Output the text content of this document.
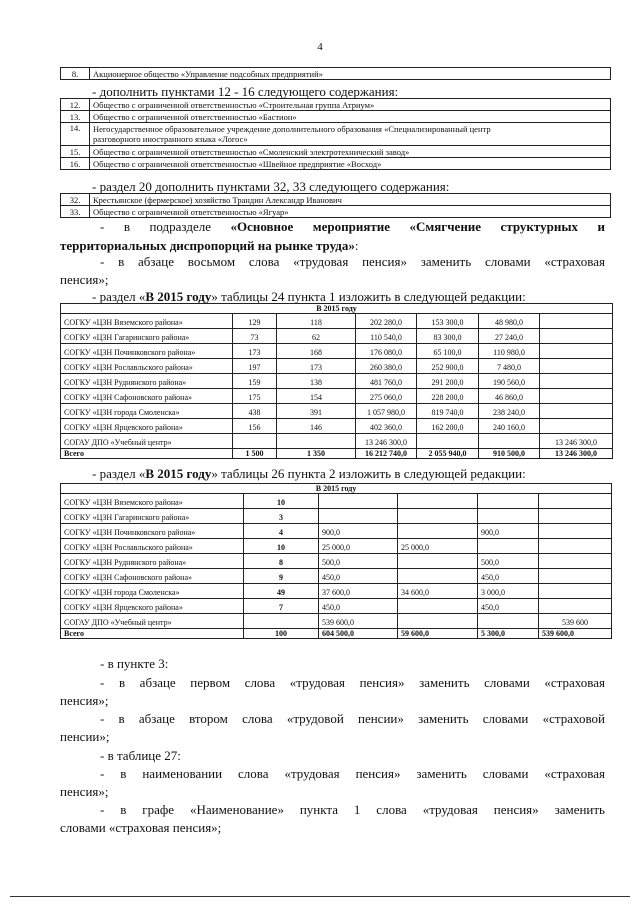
4
8.	Акционерное общество «Управление подсобных предприятий»
- дополнить пунктами 12 - 16 следующего содержания:
12.	Общество с ограниченной ответственностью «Строительная группа Атриум»
13.	Общество с ограниченной ответственностью «Бастион»
14.	Негосударственное образовательное учреждение дополнительного образования «Специализированный центр
разговорного иностранного языка «Логос»

15.	Общество с ограниченной ответственностью «Смоленский электротехнический завод»
16.	Общество с ограниченной ответственностью «Швейное предприятие «Восход»
- раздел 20 дополнить пунктами 32, 33 следующего содержания:
32.	Крестьянское (фермерское) хозяйство Трандин Александр Иванович
33.	Общество с ограниченной ответственностью «Ягуар»
- в подразделе «Основное мероприятие «Смягчение структурных и
территориальных диспропорций на рынке труда»:
- в абзаце восьмом слова «трудовая пенсия» заменить словами «страховая
пенсия»;
- раздел «В 2015 году» таблицы 24 пункта 1 изложить в следующей редакции:
В 2015 году						
СОГКУ «ЦЗН Вяземского района»	129	118	202 280,0	153 300,0	48 980,0	
СОГКУ «ЦЗН Гагаринского района»	73	62	110 540,0	83 300,0	27 240,0	
СОГКУ «ЦЗН Починковского района»	173	168	176 080,0	65 100,0	110 980,0	
СОГКУ «ЦЗН Рославльского района»	197	173	260 380,0	252 900,0	7 480,0	
СОГКУ «ЦЗН Руднянского района»	159	138	481 760,0	291 200,0	190 560,0	
СОГКУ «ЦЗН Сафоновского района»	175	154	275 060,0	228 200,0	46 860,0	
СОГКУ «ЦЗН города Смоленска»	438	391	1 057 980,0	819 740,0	238 240,0	
СОГКУ «ЦЗН Ярцевского района»	156	146	402 360,0	162 200,0	240 160,0	
СОГАУ ДПО «Учебный центр»			13 246 300,0			13 246 300,0
Всего	1 500	1 350	16 212 740,0	2 055 940,0	910 500,0	13 246 300,0
- раздел «В 2015 году» таблицы 26 пункта 2 изложить в следующей редакции:
В 2015 году					
СОГКУ «ЦЗН Вяземского района»	10				
СОГКУ «ЦЗН Гагаринского района»	3				
СОГКУ «ЦЗН Починковского района»	4	900,0		900,0	
СОГКУ «ЦЗН Рославльского района»	10	25 000,0	25 000,0		
СОГКУ «ЦЗН Руднянского района»	8	500,0		500,0	
СОГКУ «ЦЗН Сафоновского района»	9	450,0		450,0	
СОГКУ «ЦЗН города Смоленска»	49	37 600,0	34 600,0	3 000,0	
СОГКУ «ЦЗН Ярцевского района»	7	450,0		450,0	
СОГАУ ДПО «Учебный центр»		539 600,0			539 600
Всего	100	604 500,0	59 600,0	5 300,0	539 600,0
- в пункте 3:
- в абзаце первом слова «трудовая пенсия» заменить словами «страховая
пенсия»;
- в абзаце втором слова «трудовой пенсии» заменить словами «страховой
пенсии»;
- в таблице 27:
- в наименовании слова «трудовая пенсия» заменить словами «страховая
пенсия»;
- в графе «Наименование» пункта 1 слова «трудовая пенсия» заменить
словами «страховая пенсия»;
